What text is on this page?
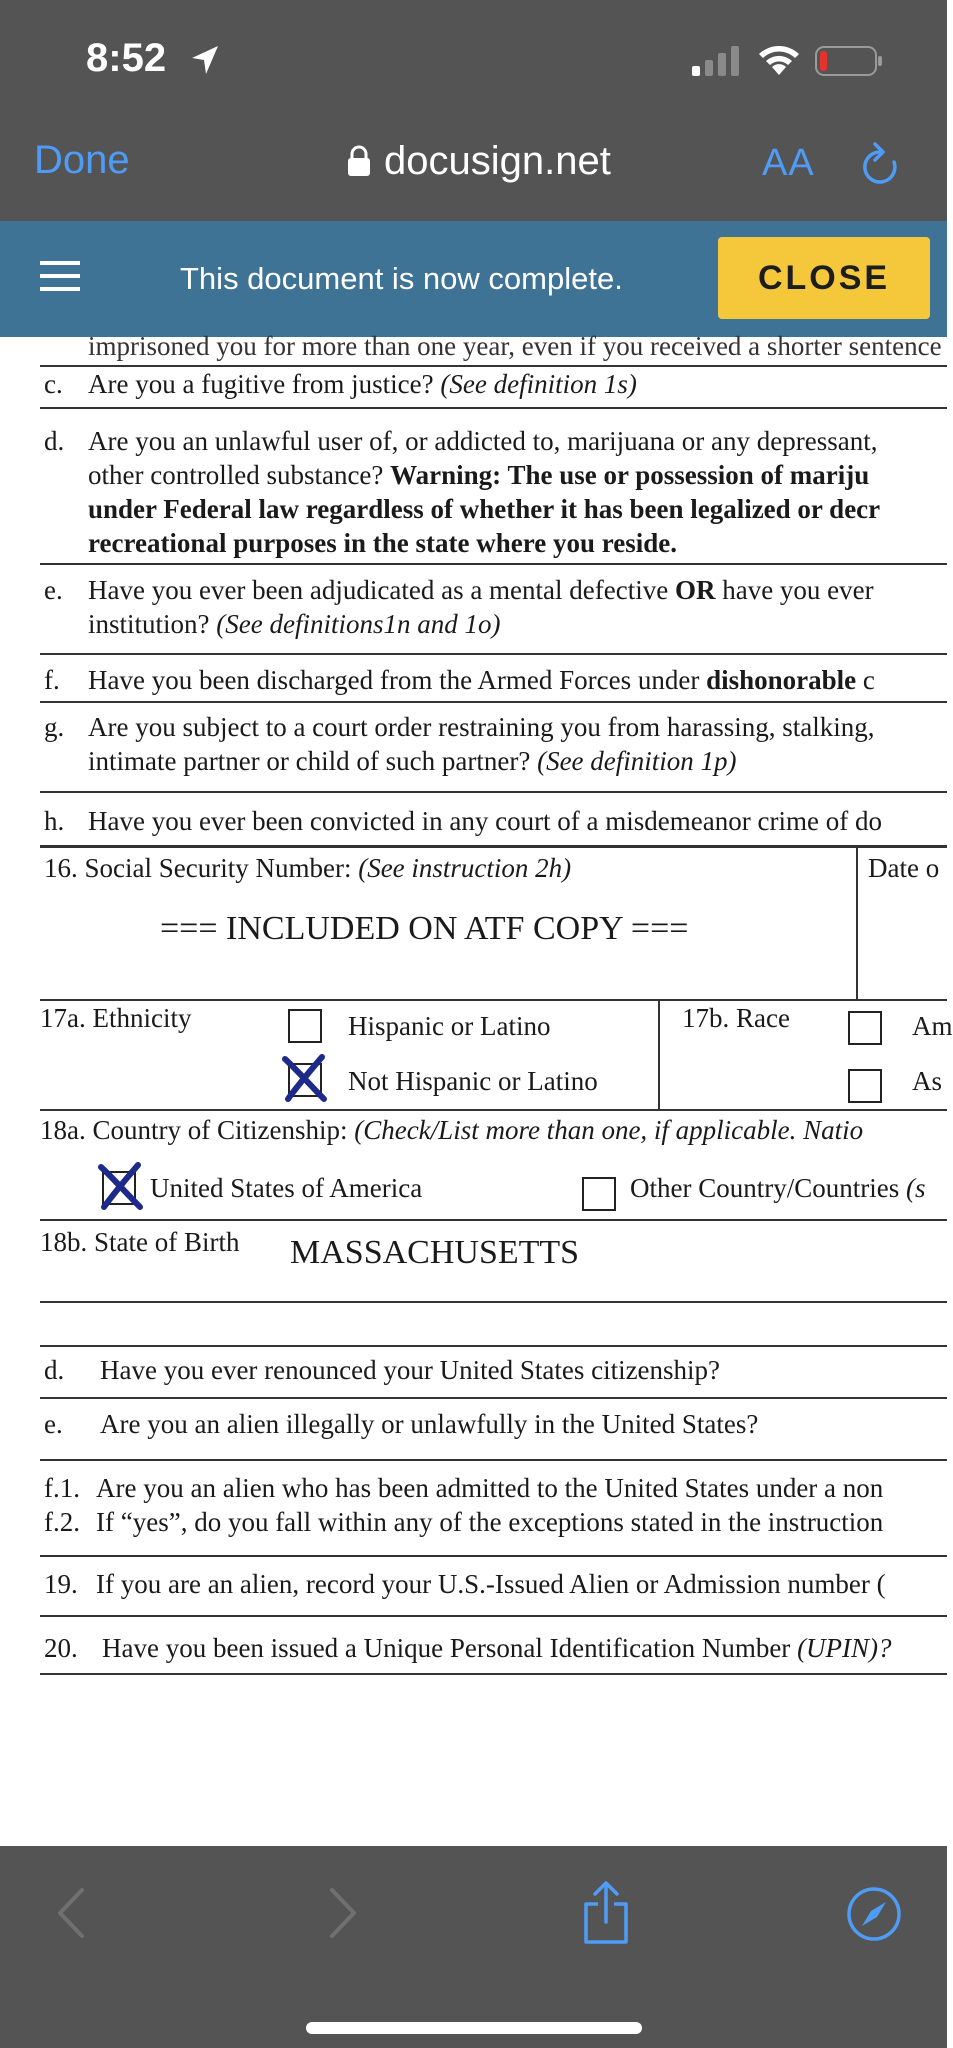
8:52
Done	docusign.net	AA
This document is now complete.	CLOSE
imprisoned you for more than one year, even if you received a shorter sentence
c. Are you a fugitive from justice? (See definition 1s)
d. Are you an unlawful user of, or addicted to, marijuana or any depressant,
other controlled substance? Warning: The use or possession of mariju
under Federal law regardless of whether it has been legalized or decr
recreational purposes in the state where you reside.
e. Have you ever been adjudicated as a mental defective OR have you ever
institution? (See definitions1n and 1o)
f. Have you been discharged from the Armed Forces under dishonorable c
g. Are you subject to a court order restraining you from harassing, stalking,
intimate partner or child of such partner? (See definition 1p)
h. Have you ever been convicted in any court of a misdemeanor crime of do
16. Social Security Number: (See instruction 2h)	Date o
=== INCLUDED ON ATF COPY ===
17a. Ethnicity	Hispanic or Latino
Not Hispanic or Latino
17b. Race	Am
As
18a. Country of Citizenship: (Check/List more than one, if applicable. Natio
United States of America	Other Country/Countries (s
18b. State of Birth MASSACHUSETTS
d. Have you ever renounced your United States citizenship?
e. Are you an alien illegally or unlawfully in the United States?
f.1. Are you an alien who has been admitted to the United States under a non
f.2. If “yes”, do you fall within any of the exceptions stated in the instruction
19. If you are an alien, record your U.S.-Issued Alien or Admission number (
20. Have you been issued a Unique Personal Identification Number (UPIN)?
